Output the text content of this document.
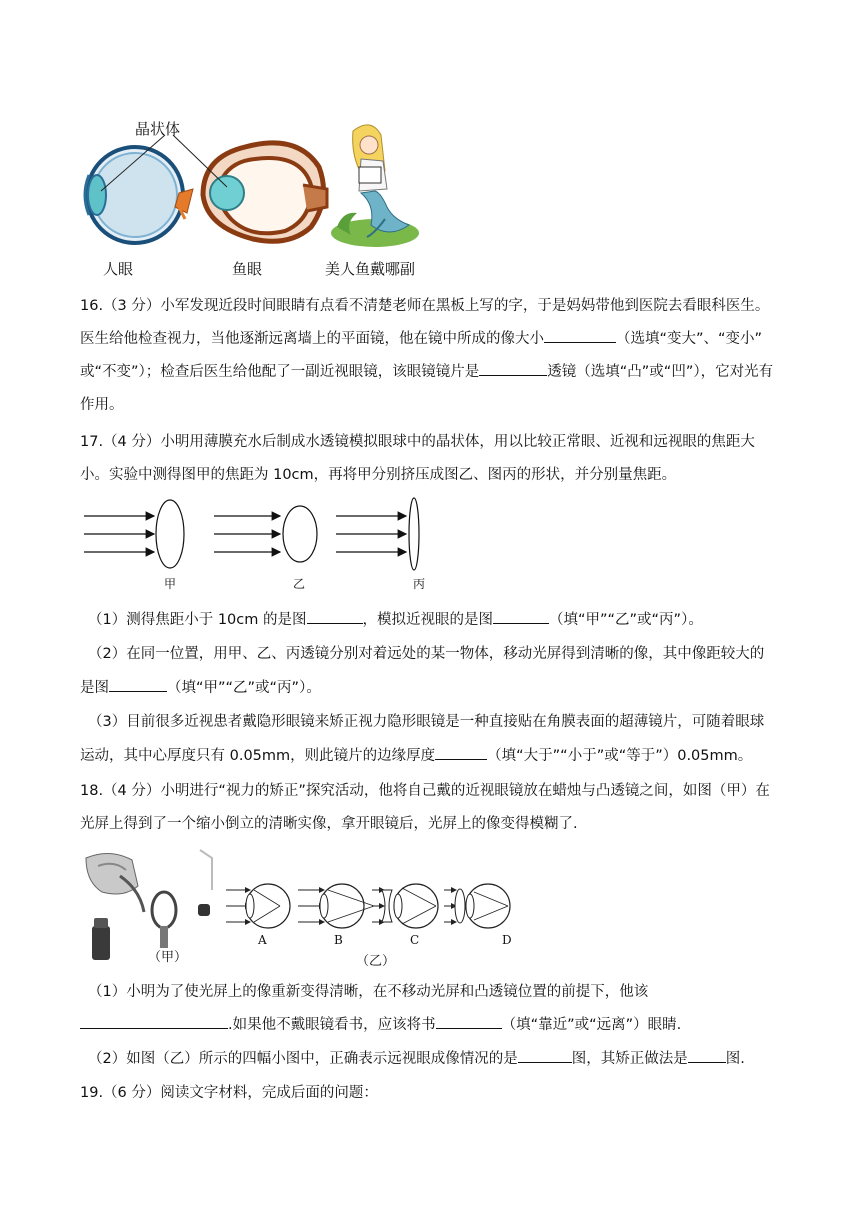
晶状体
人眼	鱼眼	美人鱼戴哪副
16.（3 分）小军发现近段时间眼睛有点看不清楚老师在黑板上写的字，于是妈妈带他到医院去看眼科医生。
医生给他检查视力，当他逐渐远离墙上的平面镜，他在镜中所成的像大小	（选填“变大”、“变小”
或“不变”）；检查后医生给他配了一副近视眼镜，该眼镜镜片是	透镜（选填“凸”或“凹”），它对光有
作用。
17.（4 分）小明用薄膜充水后制成水透镜模拟眼球中的晶状体，用以比较正常眼、近视和远视眼的焦距大
小。实验中测得图甲的焦距为 10cm，再将甲分别挤压成图乙、图丙的形状，并分别量焦距。
甲	乙	丙
（1）测得焦距小于 10cm 的是图	，模拟近视眼的是图	（填“甲”“乙”或“丙”）。
（2）在同一位置，用甲、乙、丙透镜分别对着远处的某一物体，移动光屏得到清晰的像，其中像距较大的
是图	（填“甲”“乙”或“丙”）。
（3）目前很多近视患者戴隐形眼镜来矫正视力隐形眼镜是一种直接贴在角膜表面的超薄镜片，可随着眼球
运动，其中心厚度只有 0.05mm，则此镜片的边缘厚度	（填“大于”“小于”或“等于”）0.05mm。
18.（4 分）小明进行“视力的矫正”探究活动，他将自己戴的近视眼镜放在蜡烛与凸透镜之间，如图（甲）在
光屏上得到了一个缩小倒立的清晰实像，拿开眼镜后，光屏上的像变得模糊了.
（甲）
A	B	C	D
（乙）
（1）小明为了使光屏上的像重新变得清晰，在不移动光屏和凸透镜位置的前提下，他该
.如果他不戴眼镜看书，应该将书	（填“靠近”或“远离”）眼睛.
（2）如图（乙）所示的四幅小图中，正确表示远视眼成像情况的是	图，其矫正做法是	图.
19.（6 分）阅读文字材料，完成后面的问题：
